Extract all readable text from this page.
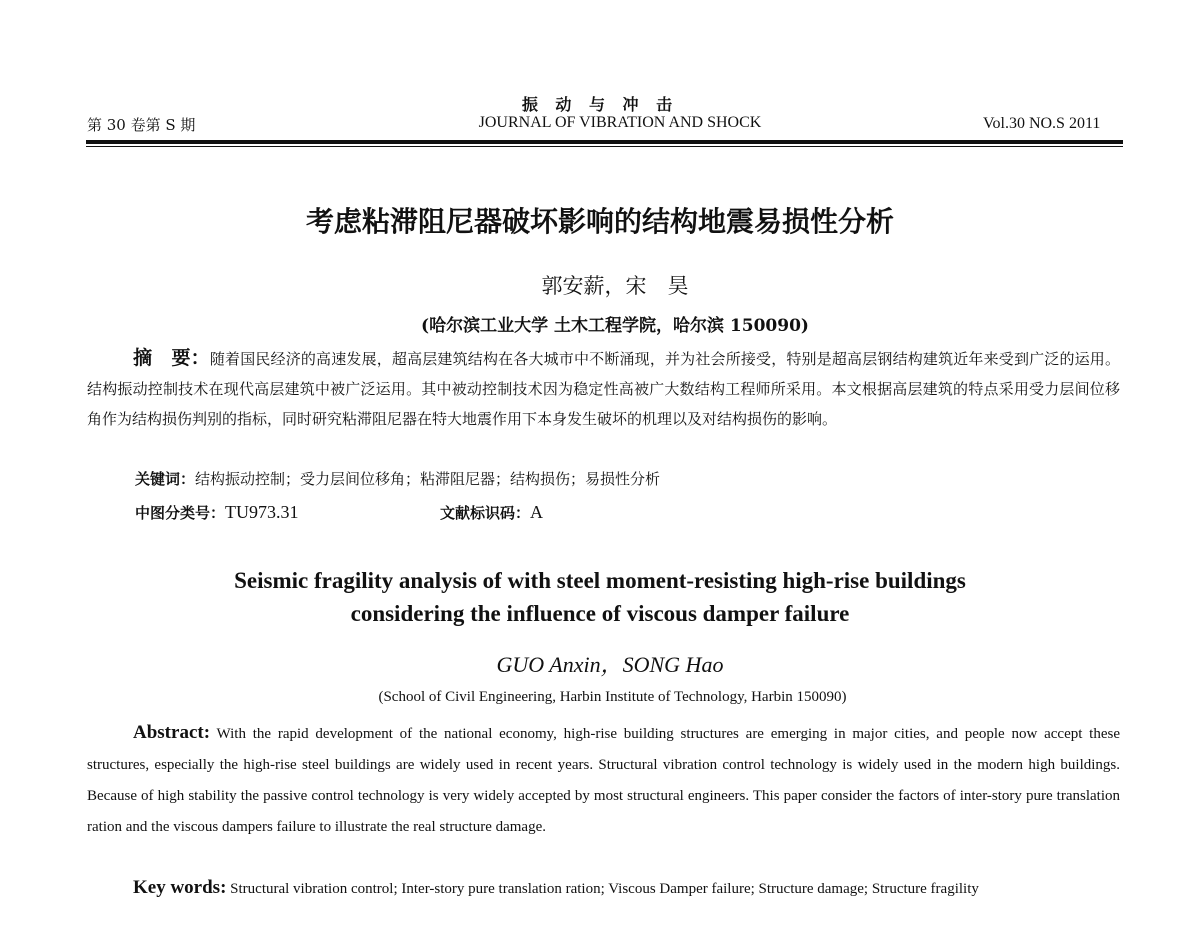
振 动 与 冲 击
第 30 卷第 S 期	JOURNAL OF VIBRATION AND SHOCK	Vol.30 NO.S 2011
考虑粘滞阻尼器破坏影响的结构地震易损性分析
郭安薪，宋　昊
(哈尔滨工业大学 土木工程学院，哈尔滨 150090)
摘　要：随着国民经济的高速发展，超高层建筑结构在各大城市中不断涌现，并为社会所接受，特别是超高层钢结构建筑近年来受到广泛的运用。结构振动控制技术在现代高层建筑中被广泛运用。其中被动控制技术因为稳定性高被广大数结构工程师所采用。本文根据高层建筑的特点采用受力层间位移角作为结构损伤判别的指标，同时研究粘滞阻尼器在特大地震作用下本身发生破坏的机理以及对结构损伤的影响。
关键词：结构振动控制；受力层间位移角；粘滞阻尼器；结构损伤；易损性分析
中图分类号：TU973.31	文献标识码：A
Seismic fragility analysis of with steel moment-resisting high-rise buildings
considering the influence of viscous damper failure
GUO Anxin，SONG Hao
(School of Civil Engineering, Harbin Institute of Technology, Harbin 150090)
Abstract: With the rapid development of the national economy, high-rise building structures are emerging in major cities, and people now accept these structures, especially the high-rise steel buildings are widely used in recent years. Structural vibration control technology is widely used in the modern high buildings. Because of high stability the passive control technology is very widely accepted by most structural engineers. This paper consider the factors of inter-story pure translation ration and the viscous dampers failure to illustrate the real structure damage.
Key words: Structural vibration control; Inter-story pure translation ration; Viscous Damper failure; Structure damage; Structure fragility
